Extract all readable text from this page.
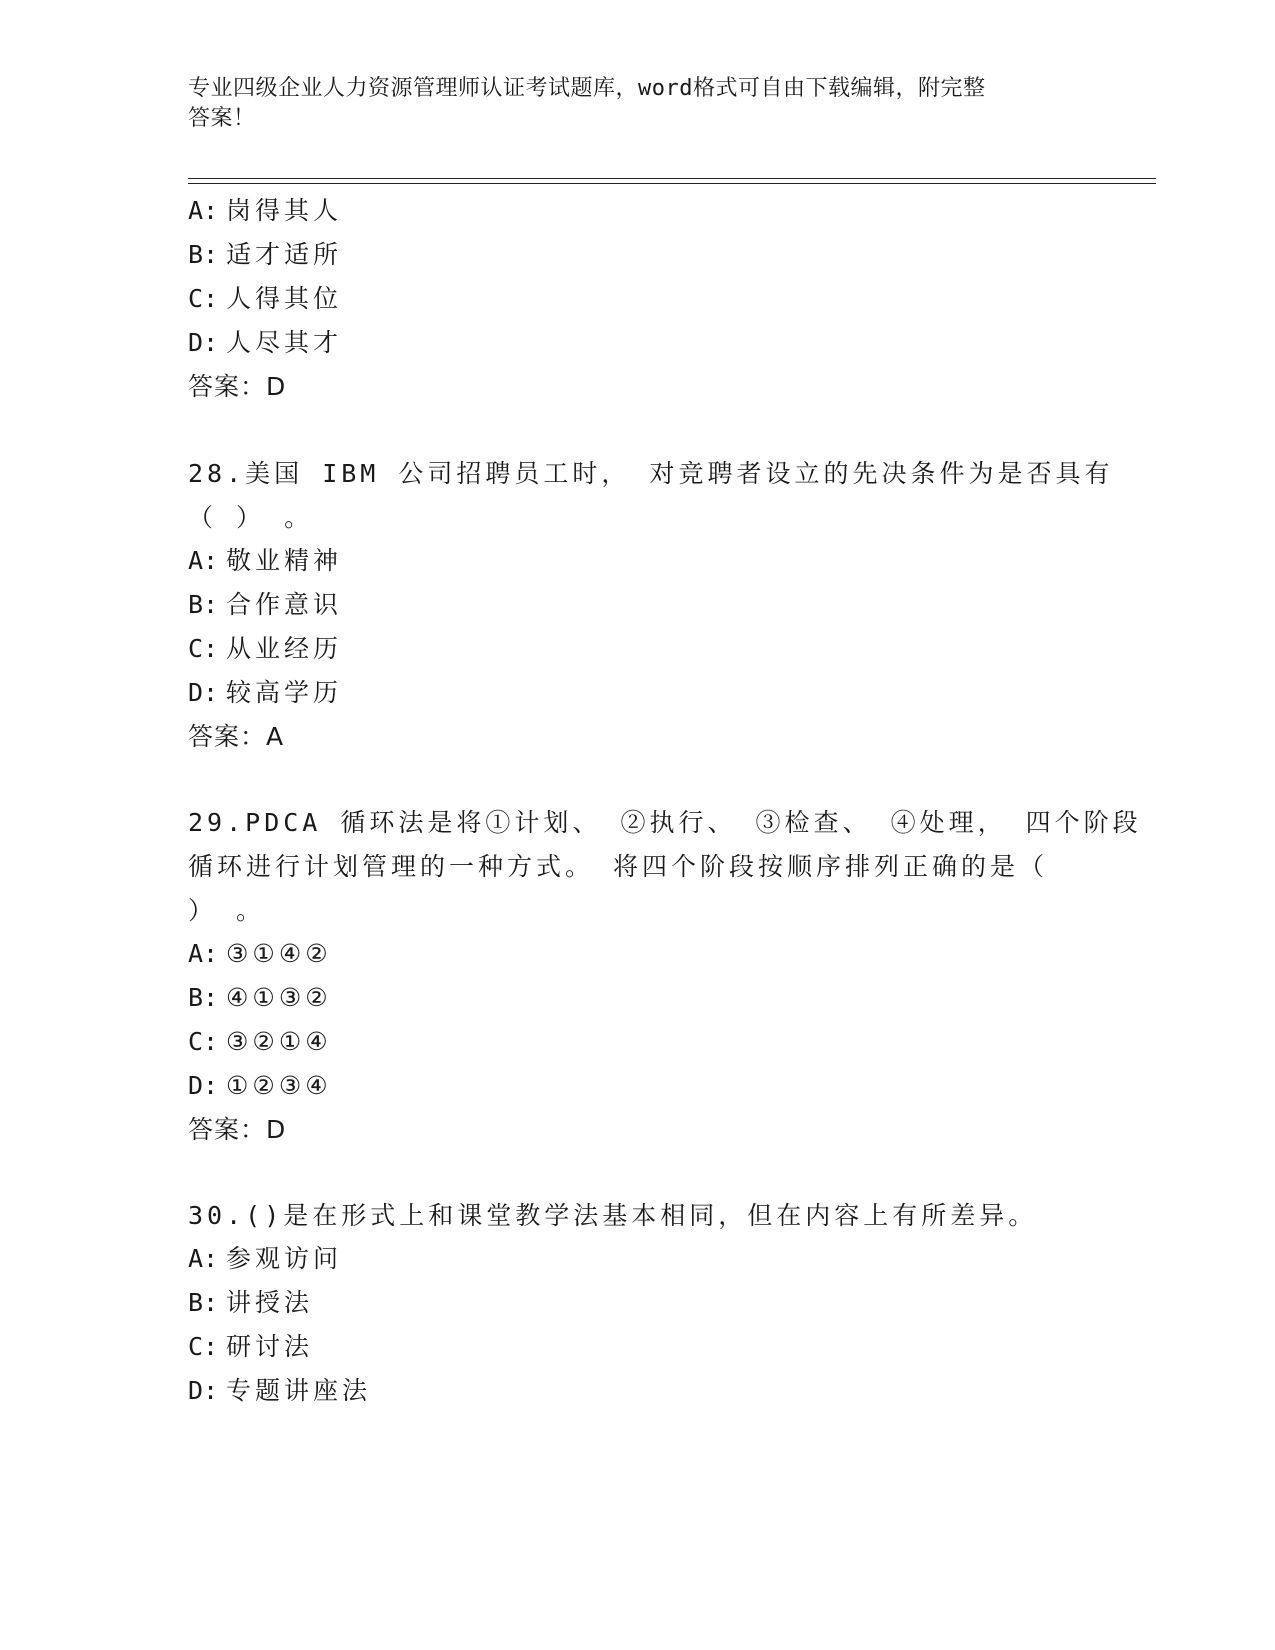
专业四级企业人力资源管理师认证考试题库，word格式可自由下载编辑，附完整
答案！
A: 岗得其人
B: 适才适所
C: 人得其位
D: 人尽其才
答案：D
28.美国 IBM 公司招聘员工时， 对竞聘者设立的先决条件为是否具有
（ ） 。
A: 敬业精神
B: 合作意识
C: 从业经历
D: 较高学历
答案：A
29.PDCA 循环法是将①计划、 ②执行、 ③检查、 ④处理， 四个阶段
循环进行计划管理的一种方式。 将四个阶段按顺序排列正确的是（
） 。
A: ③①④②
B: ④①③②
C: ③②①④
D: ①②③④
答案：D
30.()是在形式上和课堂教学法基本相同，但在内容上有所差异。
A: 参观访问
B: 讲授法
C: 研讨法
D: 专题讲座法
